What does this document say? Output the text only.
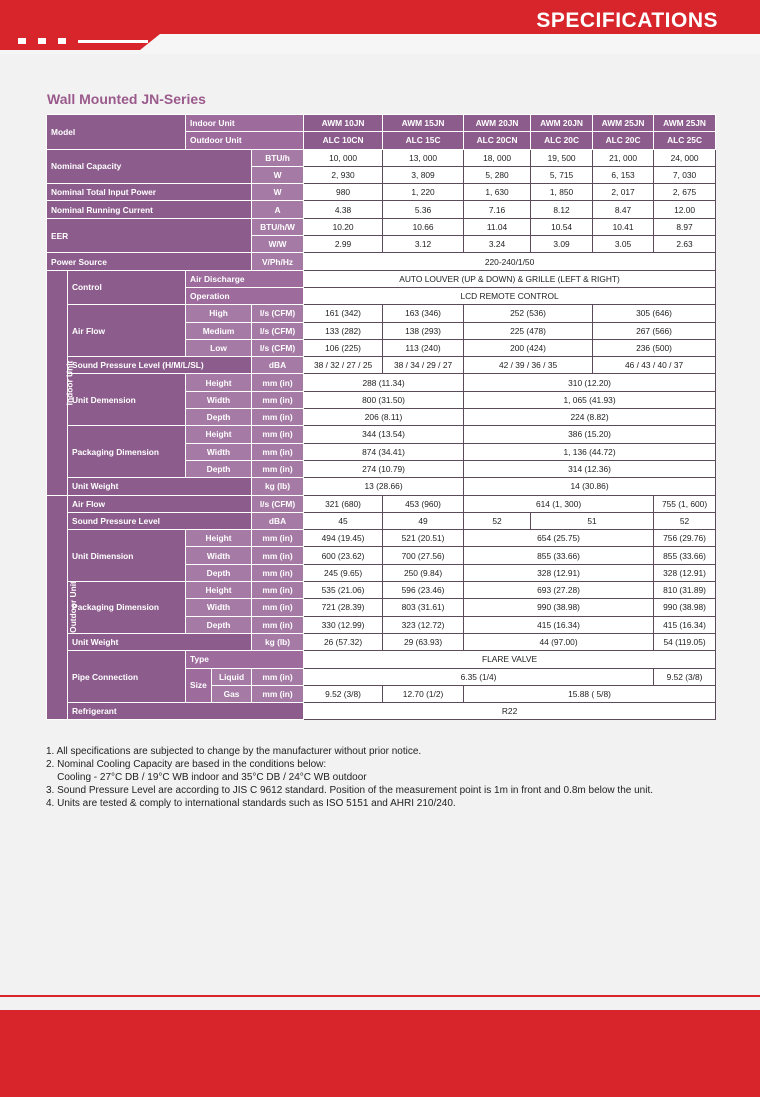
SPECIFICATIONS
Wall Mounted JN-Series
Model		Indoor Unit			AWM 10JN	AWM 15JN	AWM 20JN	AWM 20JN	AWM 25JN	AWM 25JN
		Outdoor Unit			ALC 10CN	ALC 15C	ALC 20CN	ALC 20C	ALC 20C	ALC 25C
Nominal Capacity				BTU/h	10, 000	13, 000	18, 000	19, 500	21, 000	24, 000
				W	2, 930	3, 809	5, 280	5, 715	6, 153	7, 030
Nominal Total Input Power				W	980	1, 220	1, 630	1, 850	2, 017	2, 675
Nominal Running Current				A	4.38	5.36	7.16	8.12	8.47	12.00
EER				BTU/h/W	10.20	10.66	11.04	10.54	10.41	8.97
				W/W	2.99	3.12	3.24	3.09	3.05	2.63
Power Source				V/Ph/Hz	220-240/1/50					
Indoor Unit	Control	Air Discharge			AUTO LOUVER (UP & DOWN) & GRILLE (LEFT & RIGHT)					
		Operation			LCD REMOTE CONTROL					
	Air Flow	High		l/s (CFM)	161 (342)	163 (346)	252 (536)		305 (646)	
		Medium		l/s (CFM)	133 (282)	138 (293)	225 (478)		267 (566)	
		Low		l/s (CFM)	106 (225)	113 (240)	200 (424)		236 (500)	
	Sound Pressure Level (H/M/L/SL)			dBA	38 / 32 / 27 / 25	38 / 34 / 29 / 27	42 / 39 / 36 / 35		46 / 43 / 40 / 37	
	Unit Demension	Height		mm (in)	288 (11.34)		310 (12.20)			
		Width		mm (in)	800 (31.50)		1, 065 (41.93)			
		Depth		mm (in)	206 (8.11)		224 (8.82)			
	Packaging Dimension	Height		mm (in)	344 (13.54)		386 (15.20)			
		Width		mm (in)	874 (34.41)		1, 136 (44.72)			
		Depth		mm (in)	274 (10.79)		314 (12.36)			
	Unit Weight			kg (lb)	13 (28.66)		14 (30.86)			
Outdoor Unit	Air Flow			l/s (CFM)	321 (680)	453 (960)	614 (1, 300)			755 (1, 600)
	Sound Pressure Level			dBA	45	49	52	51		52
	Unit Dimension	Height		mm (in)	494 (19.45)	521 (20.51)	654 (25.75)			756 (29.76)
		Width		mm (in)	600 (23.62)	700 (27.56)	855 (33.66)			855 (33.66)
		Depth		mm (in)	245 (9.65)	250 (9.84)	328 (12.91)			328 (12.91)
	Packaging Dimension	Height		mm (in)	535 (21.06)	596 (23.46)	693 (27.28)			810 (31.89)
		Width		mm (in)	721 (28.39)	803 (31.61)	990 (38.98)			990 (38.98)
		Depth		mm (in)	330 (12.99)	323 (12.72)	415 (16.34)			415 (16.34)
	Unit Weight			kg (lb)	26 (57.32)	29 (63.93)	44 (97.00)			54 (119.05)
	Pipe Connection	Type			FLARE VALVE					
		Size	Liquid	mm (in)	6.35 (1/4)					9.52 (3/8)
			Gas	mm (in)	9.52 (3/8)	12.70 (1/2)	15.88 ( 5/8)			
	Refrigerant				R22					

1. All specifications are subjected to change by the manufacturer without prior notice.

2. Nominal Cooling Capacity are based in the conditions below:

Cooling - 27°C DB / 19°C WB indoor and 35°C DB / 24°C WB outdoor

3. Sound Pressure Level are according to JIS C 9612 standard. Position of the measurement point is 1m in front and 0.8m below the unit.

4. Units are tested & comply to international standards such as ISO 5151 and AHRI 210/240.
